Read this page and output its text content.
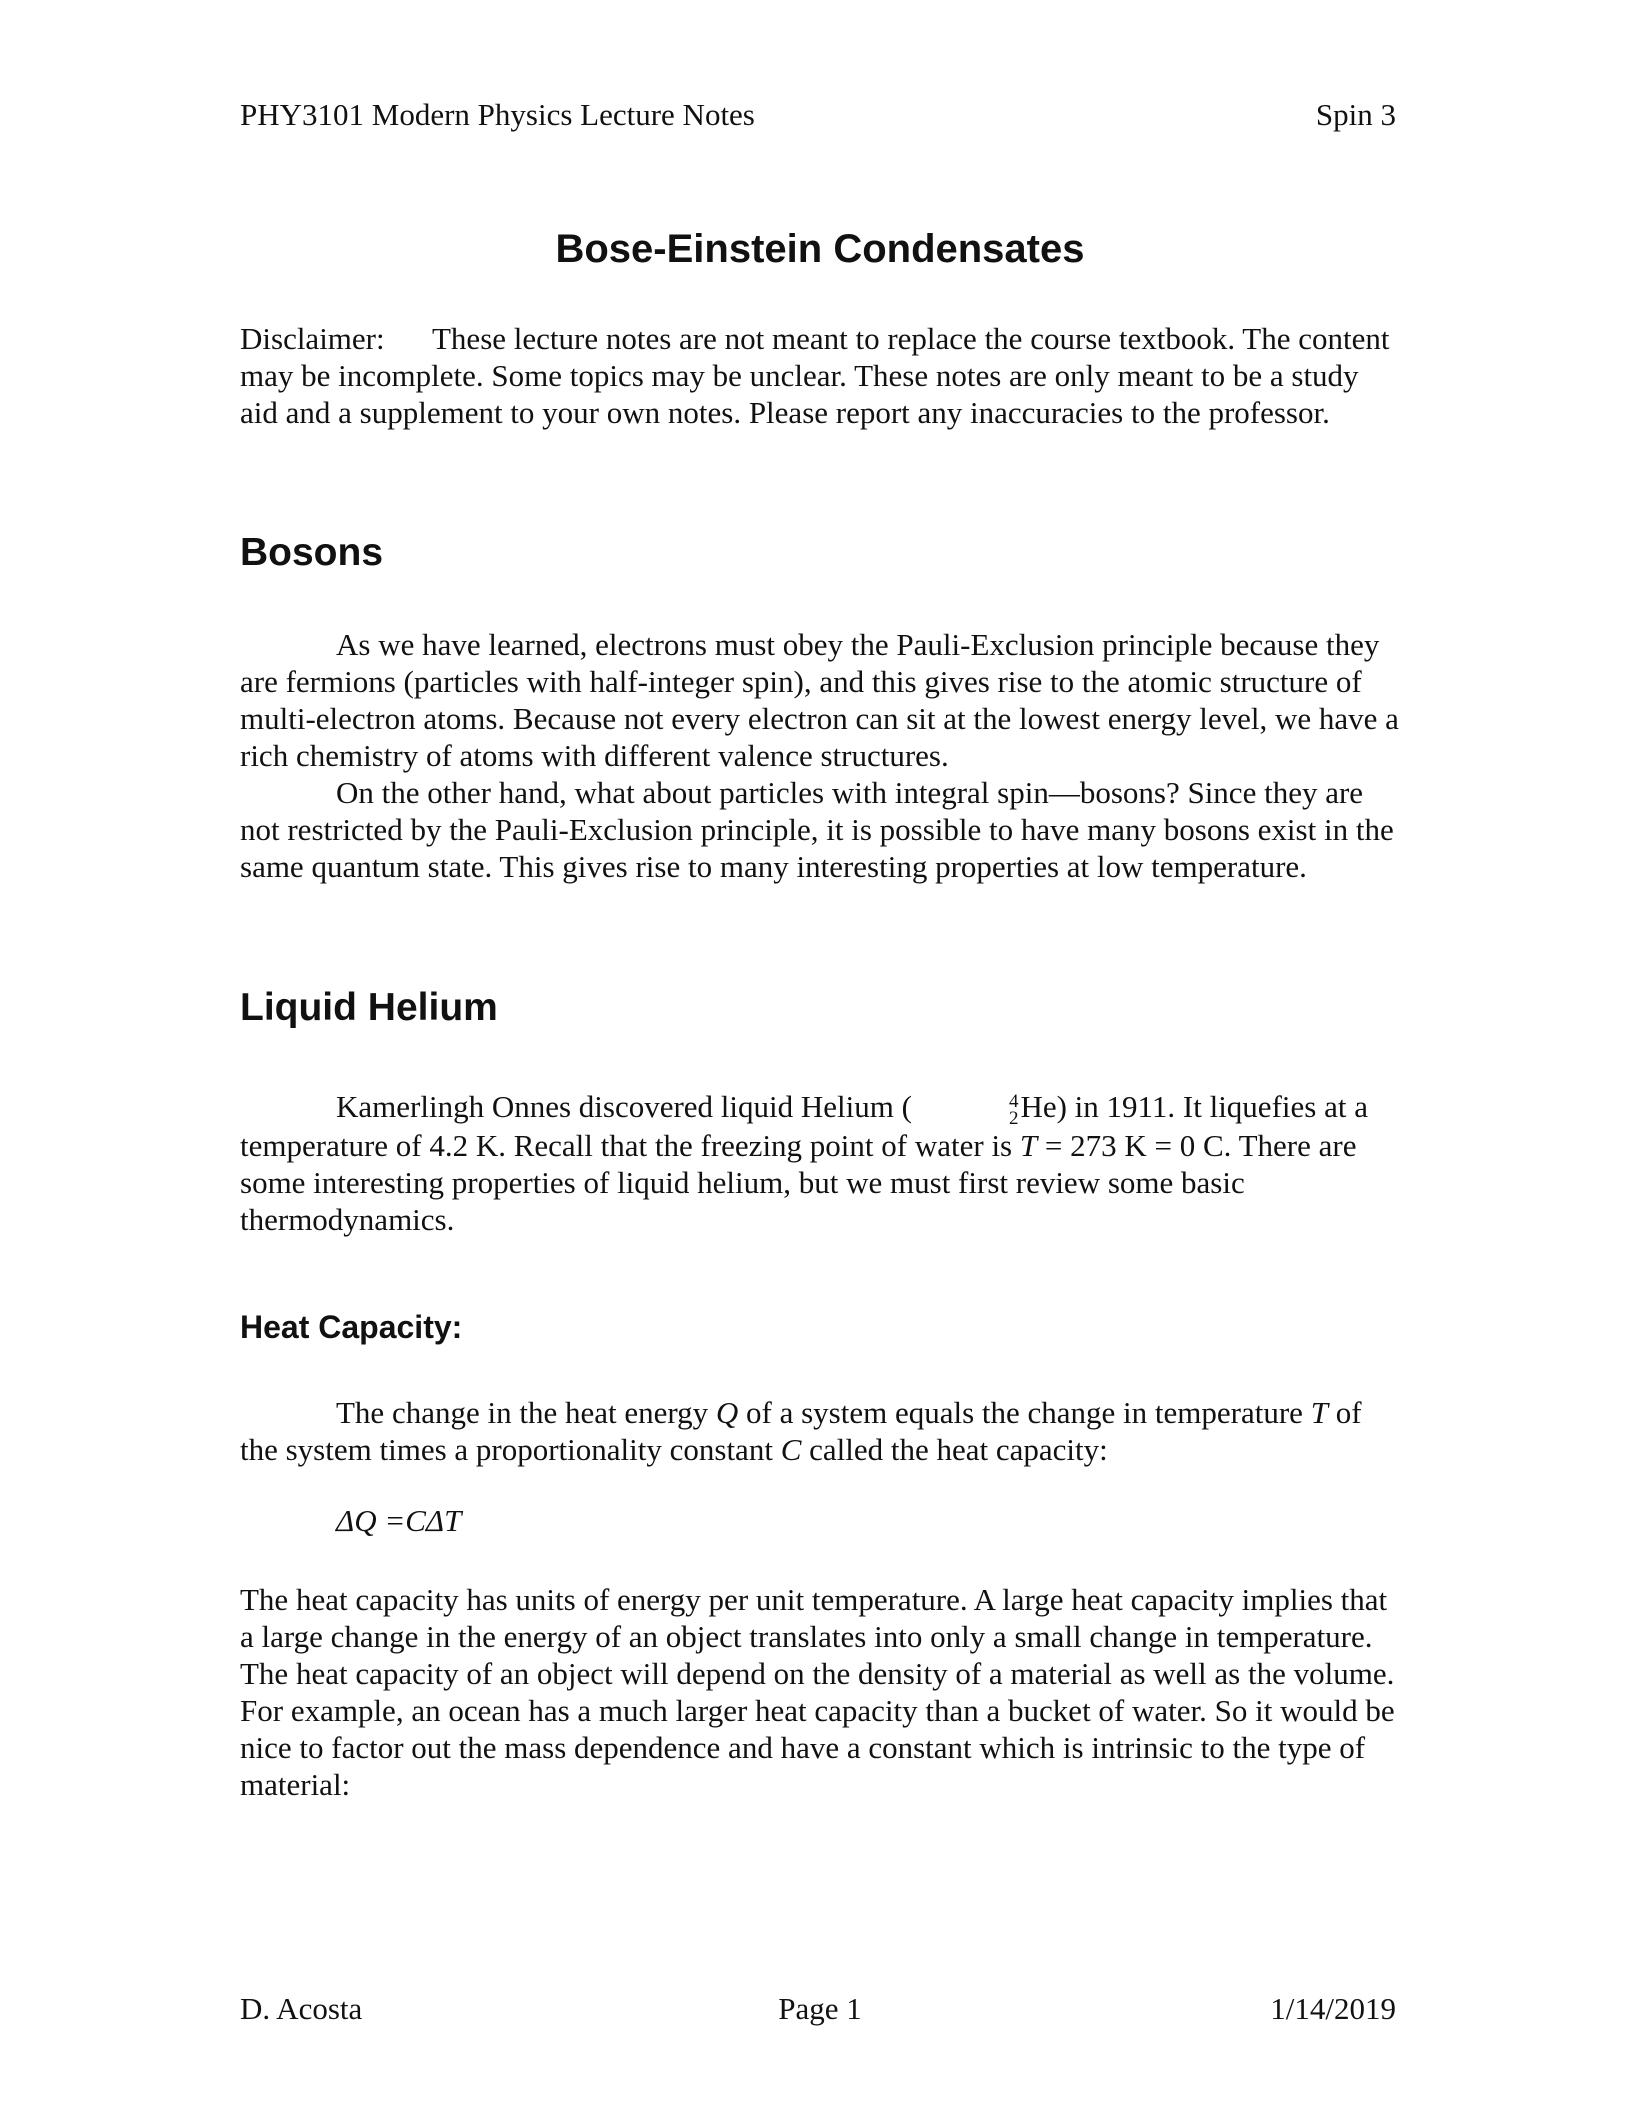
PHY3101 Modern Physics Lecture Notes	Spin 3
Bose-Einstein Condensates

Disclaimer: These lecture notes are not meant to replace the course textbook. The content may be incomplete. Some topics may be unclear. These notes are only meant to be a study aid and a supplement to your own notes. Please report any inaccuracies to the professor.

Bosons

As we have learned, electrons must obey the Pauli-Exclusion principle because they are fermions (particles with half-integer spin), and this gives rise to the atomic structure of multi-electron atoms. Because not every electron can sit at the lowest energy level, we have a rich chemistry of atoms with different valence structures.

On the other hand, what about particles with integral spin—bosons? Since they are not restricted by the Pauli-Exclusion principle, it is possible to have many bosons exist in the same quantum state. This gives rise to many interesting properties at low temperature.

Liquid Helium

Kamerlingh Onnes discovered liquid Helium (	4
2 He) in 1911. It liquefies at a temperature of 4.2 K. Recall that the freezing point of water is T = 273 K = 0 C. There are some interesting properties of liquid helium, but we must first review some basic thermodynamics.

Heat Capacity:

The change in the heat energy Q of a system equals the change in temperature T of the system times a proportionality constant C called the heat capacity:

ΔQ =CΔT
The heat capacity has units of energy per unit temperature. A large heat capacity implies that a large change in the energy of an object translates into only a small change in temperature. The heat capacity of an object will depend on the density of a material as well as the volume. For example, an ocean has a much larger heat capacity than a bucket of water. So it would be nice to factor out the mass dependence and have a constant which is intrinsic to the type of material:
D. Acosta	Page 1	1/14/2019
